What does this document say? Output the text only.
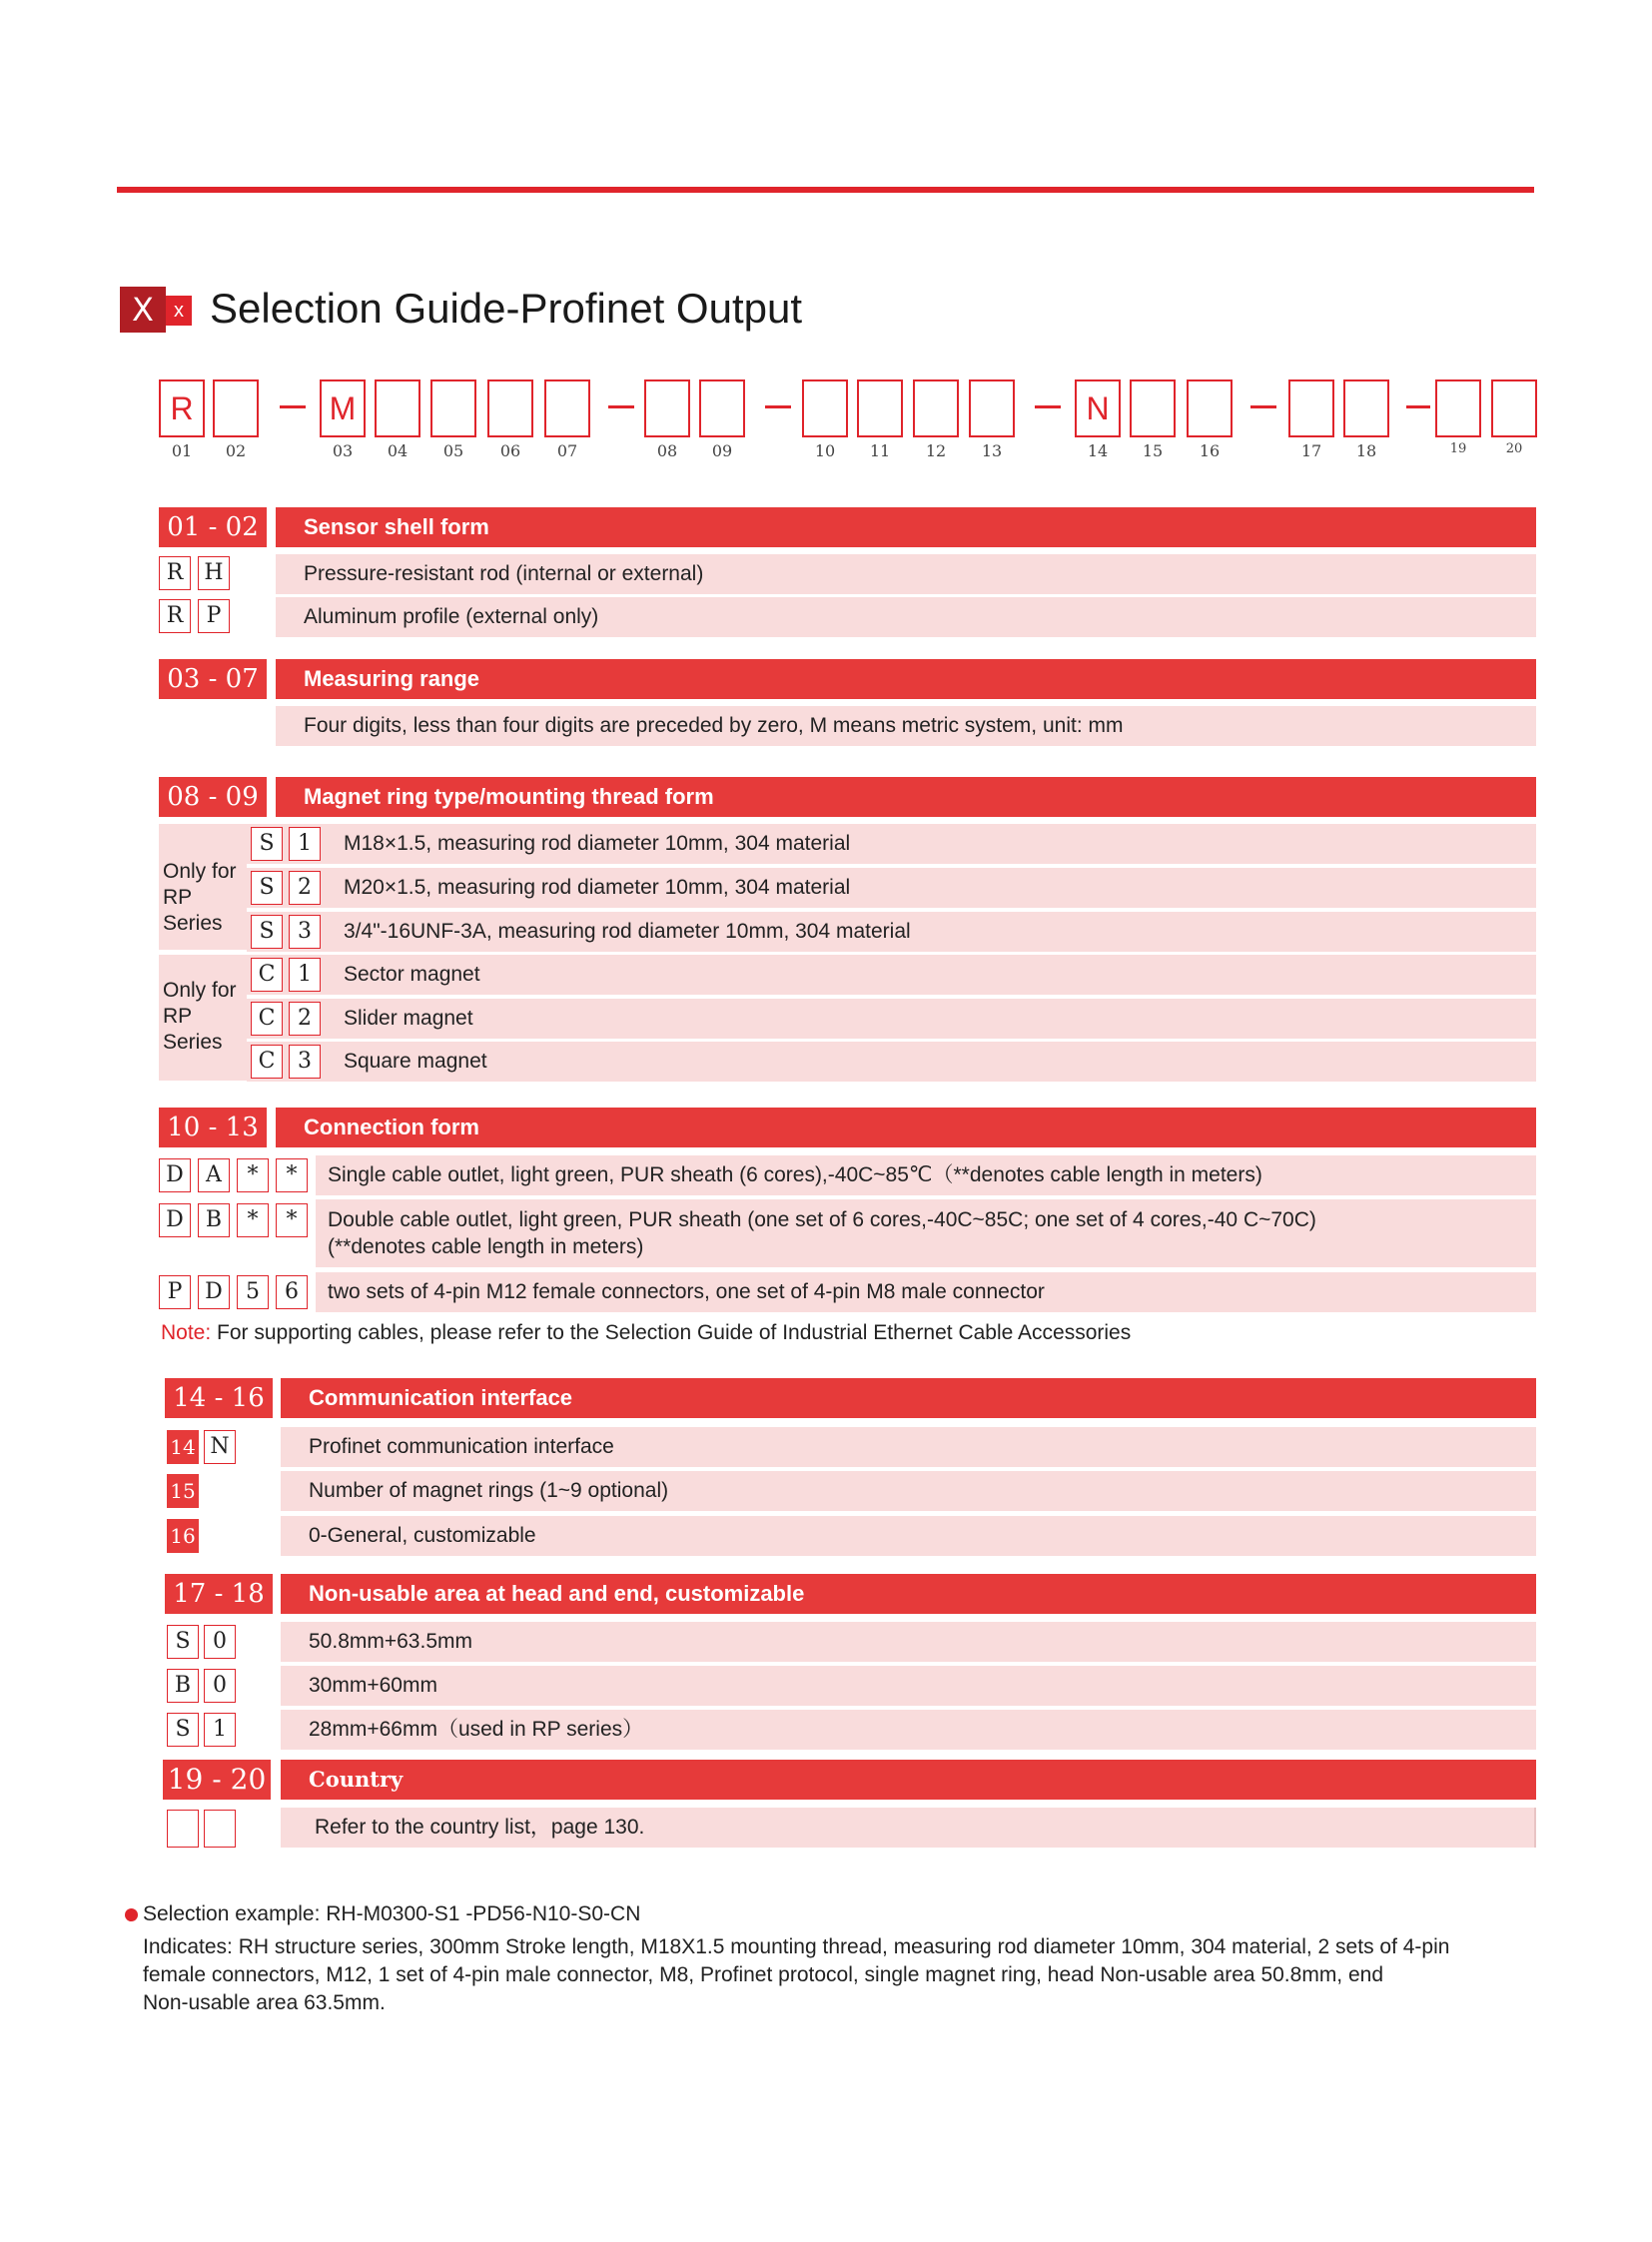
X	x Selection Guide-Profinet Output
R	M	N
01	02	03	04	05	06	07	08	09	10	11	12	13	14	15	16	17	18	19	20
01 - 02	Sensor shell form
R H	Pressure-resistant rod (internal or external)
R	P	Aluminum profile (external only)
03 - 07	Measuring range
Four digits, less than four digits are preceded by zero, M means metric system, unit: mm
08 - 09	Magnet ring type/mounting thread form
Only for
RP
Series
Only for
RP
Series
S	1	M18×1.5, measuring rod diameter 10mm, 304 material
S	2	M20×1.5, measuring rod diameter 10mm, 304 material
S	3	3/4"-16UNF-3A, measuring rod diameter 10mm, 304 material
C	1	Sector magnet
C	2	Slider magnet
C	3	Square magnet
10 - 13	Connection form
D	A	*	*	Single cable outlet, light green, PUR sheath (6 cores),-40C~85℃（**denotes cable length in meters)
D	B	*	*	Double cable outlet, light green, PUR sheath (one set of 6 cores,-40C~85C; one set of 4 cores,-40 C~70C)
(**denotes cable length in meters)
P	D	5	6	two sets of 4-pin M12 female connectors, one set of 4-pin M8 male connector
Note: For supporting cables, please refer to the Selection Guide of Industrial Ethernet Cable Accessories
14 - 16	Communication interface
14 N	Profinet communication interface
15	Number of magnet rings (1~9 optional)
16	0-General, customizable
17 - 18	Non-usable area at head and end, customizable
S	0	50.8mm+63.5mm
B 0	30mm+60mm
S	1	28mm+66mm（used in RP series）
19 - 20	Country
Refer to the country list，page 130.
Selection example: RH-M0300-S1 -PD56-N10-S0-CN
Indicates: RH structure series, 300mm Stroke length, M18X1.5 mounting thread, measuring rod diameter 10mm, 304 material, 2 sets of 4-pin
female connectors, M12, 1 set of 4-pin male connector, M8, Profinet protocol, single magnet ring, head Non-usable area 50.8mm, end
Non-usable area 63.5mm.
